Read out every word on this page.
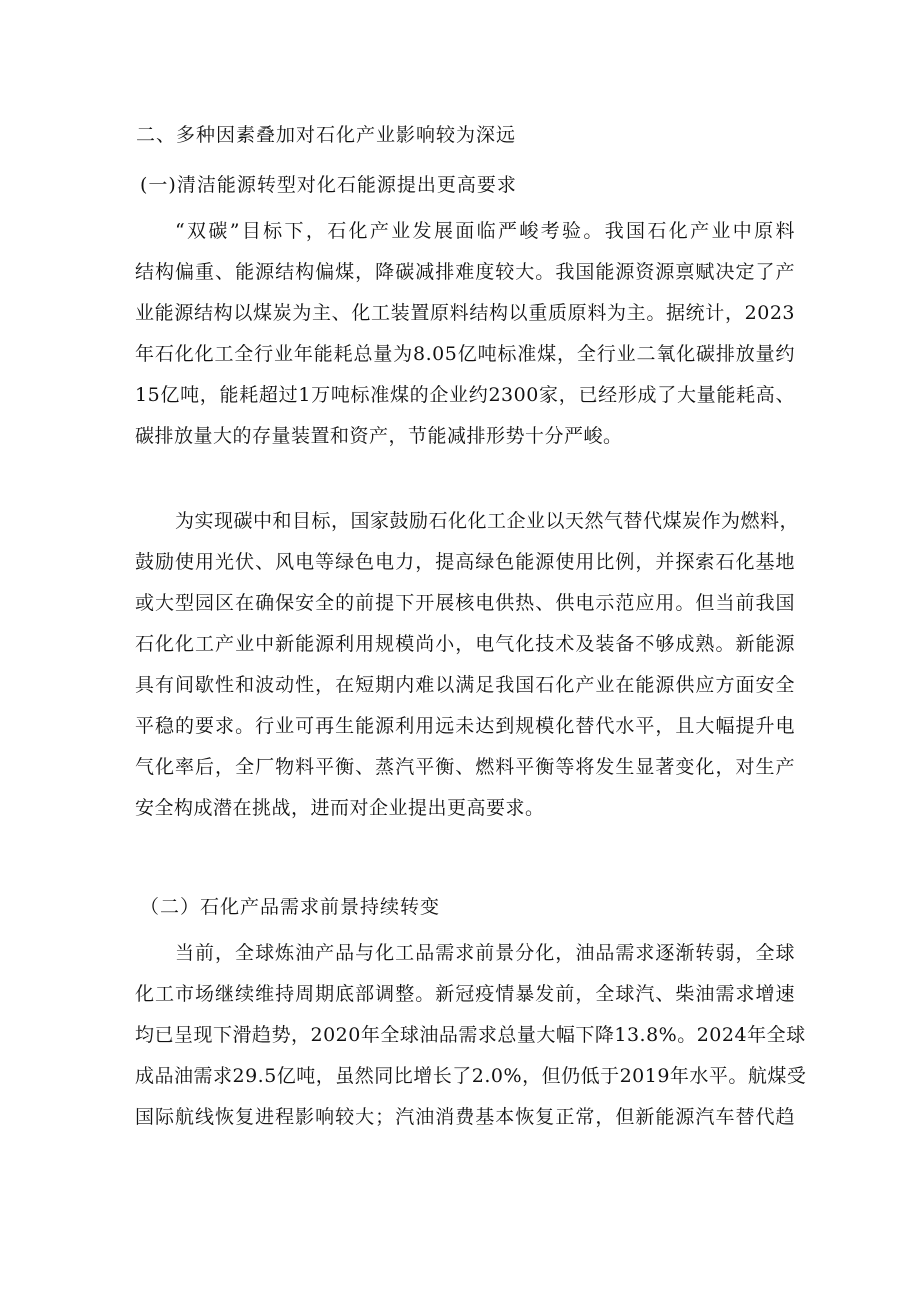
二、多种因素叠加对石化产业影响较为深远
(一)清洁能源转型对化石能源提出更高要求
“双碳”目标下，石化产业发展面临严峻考验。我国石化产业中原料
结构偏重、能源结构偏煤，降碳减排难度较大。我国能源资源禀赋决定了产
业能源结构以煤炭为主、化工装置原料结构以重质原料为主。据统计，2023
年石化化工全行业年能耗总量为8.05亿吨标准煤，全行业二氧化碳排放量约
15亿吨，能耗超过1万吨标准煤的企业约2300家，已经形成了大量能耗高、
碳排放量大的存量装置和资产，节能减排形势十分严峻。
为实现碳中和目标，国家鼓励石化化工企业以天然气替代煤炭作为燃料，
鼓励使用光伏、风电等绿色电力，提高绿色能源使用比例，并探索石化基地
或大型园区在确保安全的前提下开展核电供热、供电示范应用。但当前我国
石化化工产业中新能源利用规模尚小，电气化技术及装备不够成熟。新能源
具有间歇性和波动性，在短期内难以满足我国石化产业在能源供应方面安全
平稳的要求。行业可再生能源利用远未达到规模化替代水平，且大幅提升电
气化率后，全厂物料平衡、蒸汽平衡、燃料平衡等将发生显著变化，对生产
安全构成潜在挑战，进而对企业提出更高要求。
（二）石化产品需求前景持续转变
当前，全球炼油产品与化工品需求前景分化，油品需求逐渐转弱，全球
化工市场继续维持周期底部调整。新冠疫情暴发前，全球汽、柴油需求增速
均已呈现下滑趋势，2020年全球油品需求总量大幅下降13.8%。2024年全球
成品油需求29.5亿吨，虽然同比增长了2.0%，但仍低于2019年水平。航煤受
国际航线恢复进程影响较大；汽油消费基本恢复正常，但新能源汽车替代趋
